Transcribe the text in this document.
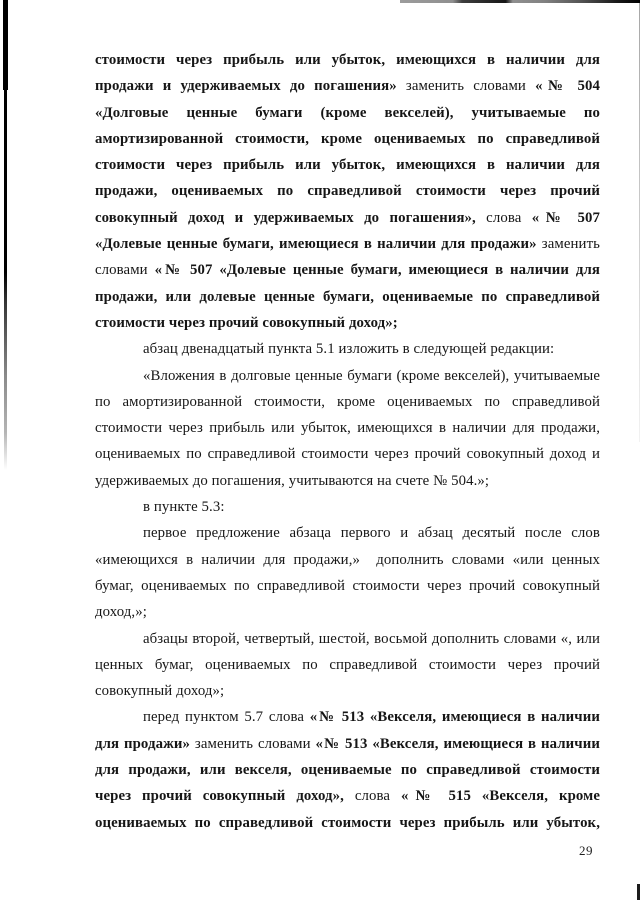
стоимости через прибыль или убыток, имеющихся в наличии для
продажи и удерживаемых до погашения» заменить словами «№ 504
«Долговые ценные бумаги (кроме векселей), учитываемые по
амортизированной стоимости, кроме оцениваемых по справедливой
стоимости через прибыль или убыток, имеющихся в наличии для
продажи, оцениваемых по справедливой стоимости через прочий
совокупный доход и удерживаемых до погашения», слова «№ 507
«Долевые ценные бумаги, имеющиеся в наличии для продажи» заменить
словами «№ 507 «Долевые ценные бумаги, имеющиеся в наличии для
продажи, или долевые ценные бумаги, оцениваемые по справедливой
стоимости через прочий совокупный доход»;
абзац двенадцатый пункта 5.1 изложить в следующей редакции:
«Вложения в долговые ценные бумаги (кроме векселей), учитываемые
по амортизированной стоимости, кроме оцениваемых по справедливой
стоимости через прибыль или убыток, имеющихся в наличии для продажи,
оцениваемых по справедливой стоимости через прочий совокупный доход и
удерживаемых до погашения, учитываются на счете № 504.»;
в пункте 5.3:
первое предложение абзаца первого и абзац десятый после слов
«имеющихся в наличии для продажи,»  дополнить словами «или ценных
бумаг, оцениваемых по справедливой стоимости через прочий совокупный
доход,»;
абзацы второй, четвертый, шестой, восьмой дополнить словами «, или
ценных бумаг, оцениваемых по справедливой стоимости через прочий
совокупный доход»;
перед пунктом 5.7 слова «№ 513 «Векселя, имеющиеся в наличии
для продажи» заменить словами «№ 513 «Векселя, имеющиеся в наличии
для продажи, или векселя, оцениваемые по справедливой стоимости
через прочий совокупный доход», слова «№ 515 «Векселя, кроме
оцениваемых по справедливой стоимости через прибыль или убыток,
29
